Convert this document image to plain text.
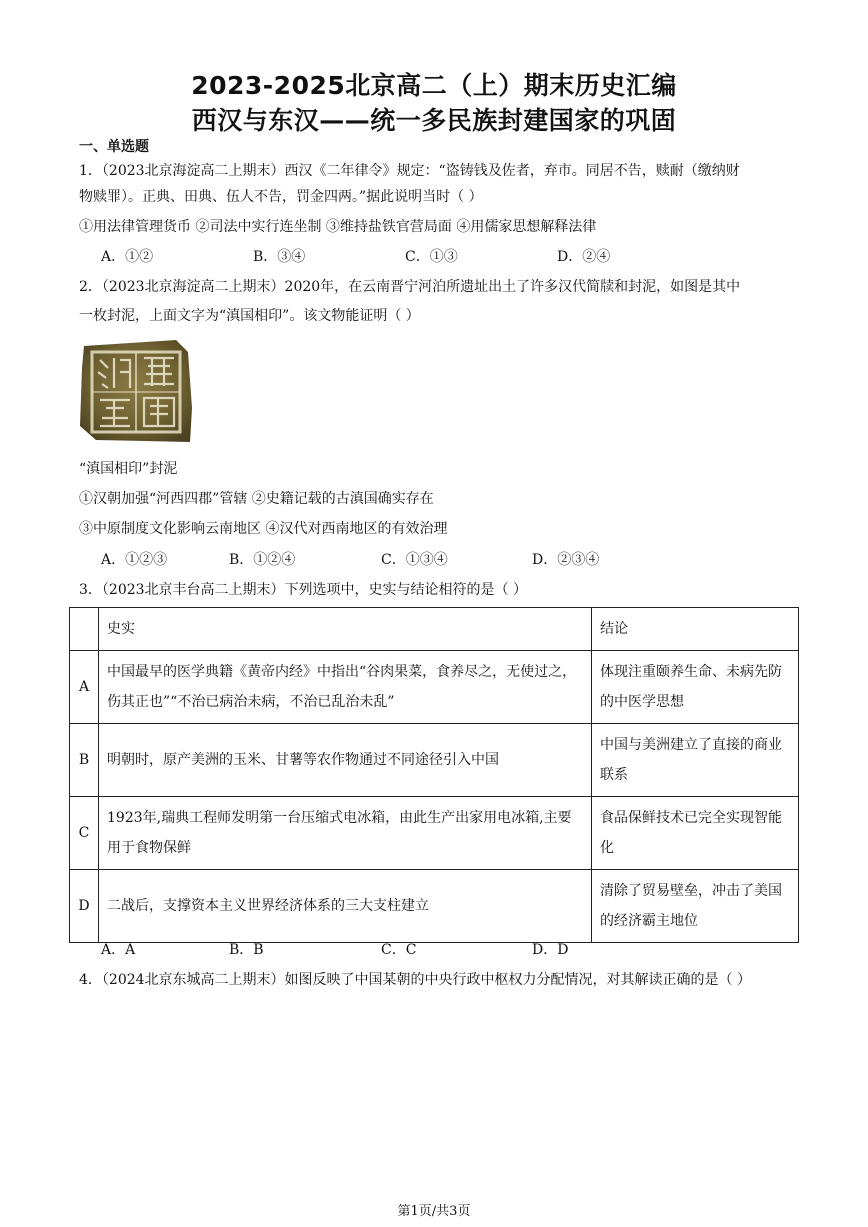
2023-2025北京高二（上）期末历史汇编
西汉与东汉——统一多民族封建国家的巩固
一、单选题
1．（2023北京海淀高二上期末）西汉《二年律令》规定：“盗铸钱及佐者，弃市。同居不告，赎耐（缴纳财
物赎罪）。正典、田典、伍人不告，罚金四两。”据此说明当时（ ）
①用法律管理货币 ②司法中实行连坐制 ③维持盐铁官营局面 ④用儒家思想解释法律
A．①②	B．③④	C．①③	D．②④
2．（2023北京海淀高二上期末）2020年，在云南晋宁河泊所遗址出土了许多汉代简牍和封泥，如图是其中
一枚封泥，上面文字为“滇国相印”。该文物能证明（ ）
“滇国相印”封泥
①汉朝加强“河西四郡”管辖 ②史籍记载的古滇国确实存在
③中原制度文化影响云南地区 ④汉代对西南地区的有效治理
A．①②③	B．①②④	C．①③④	D．②③④
3．（2023北京丰台高二上期末）下列选项中，史实与结论相符的是（ ）
	史实	结论
A	中国最早的医学典籍《黄帝内经》中指出“谷肉果菜，食养尽之，无使过之，伤其正也”“不治已病治未病，不治已乱治未乱”	体现注重颐养生命、未病先防的中医学思想
B	明朝时，原产美洲的玉米、甘薯等农作物通过不同途径引入中国	中国与美洲建立了直接的商业联系
C	1923年,瑞典工程师发明第一台压缩式电冰箱，由此生产出家用电冰箱,主要用于食物保鲜	食品保鲜技术已完全实现智能化
D	二战后，支撑资本主义世界经济体系的三大支柱建立	清除了贸易壁垒，冲击了美国的经济霸主地位
A．A	B．B	C．C	D．D
4．（2024北京东城高二上期末）如图反映了中国某朝的中央行政中枢权力分配情况，对其解读正确的是（ ）
第1页/共3页
